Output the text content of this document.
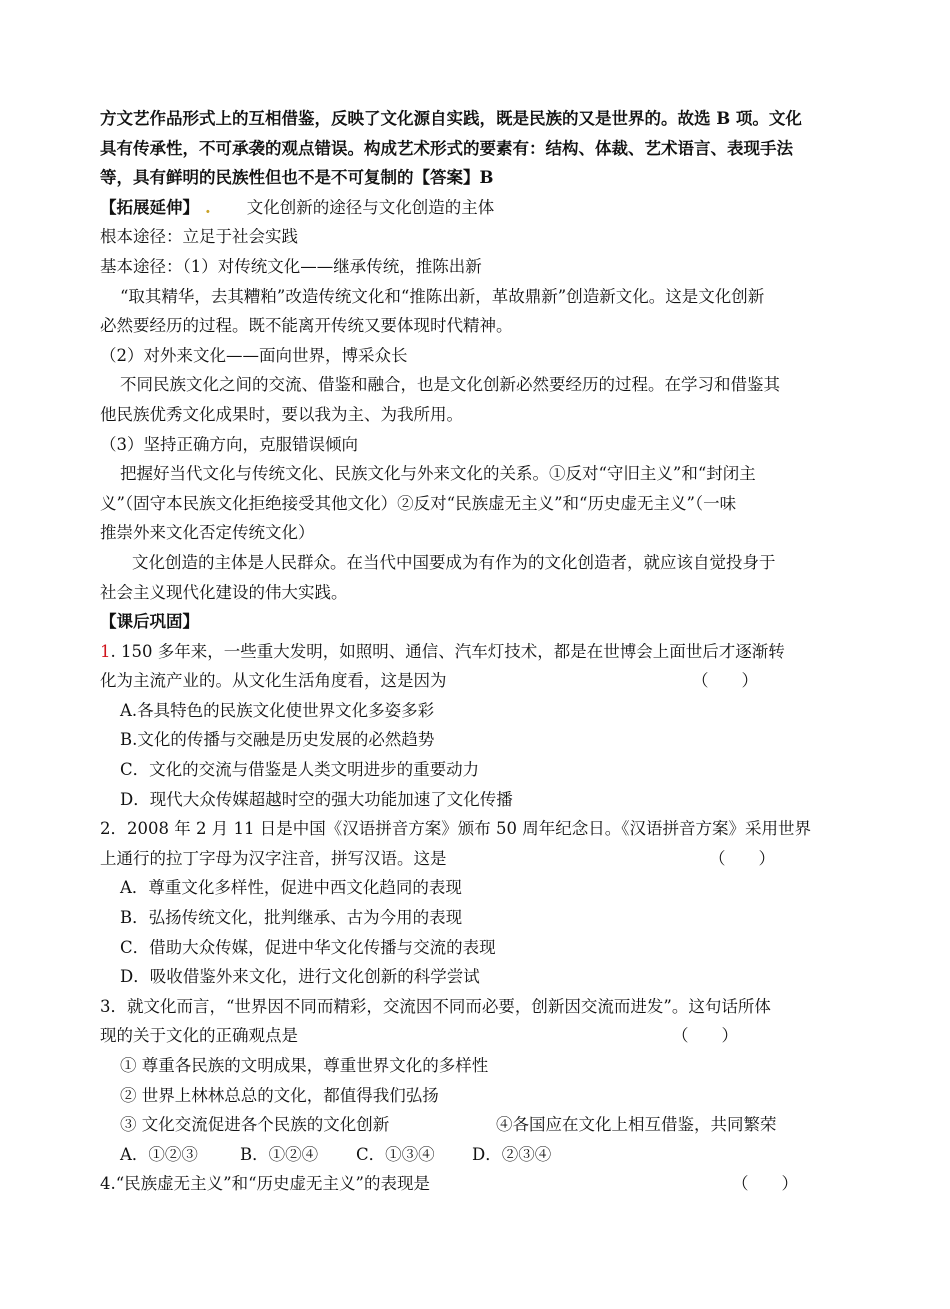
方文艺作品形式上的互相借鉴，反映了文化源自实践，既是民族的又是世界的。故选 B 项。文化
具有传承性，不可承袭的观点错误。构成艺术形式的要素有：结构、体裁、艺术语言、表现手法
等，具有鲜明的民族性但也不是不可复制的【答案】B
【拓展延伸】 . 文化创新的途径与文化创造的主体
根本途径：立足于社会实践
基本途径：（1）对传统文化——继承传统，推陈出新
“取其精华，去其糟粕”改造传统文化和“推陈出新，革故鼎新”创造新文化。这是文化创新
必然要经历的过程。既不能离开传统又要体现时代精神。
（2）对外来文化——面向世界，博采众长
不同民族文化之间的交流、借鉴和融合，也是文化创新必然要经历的过程。在学习和借鉴其
他民族优秀文化成果时，要以我为主、为我所用。
（3）坚持正确方向，克服错误倾向
把握好当代文化与传统文化、民族文化与外来文化的关系。①反对“守旧主义”和“封闭主
义”（固守本民族文化拒绝接受其他文化）②反对“民族虚无主义”和“历史虚无主义”（一味
推崇外来文化否定传统文化）
文化创造的主体是人民群众。在当代中国要成为有作为的文化创造者，就应该自觉投身于
社会主义现代化建设的伟大实践。
【课后巩固】
1. 150 多年来，一些重大发明，如照明、通信、汽车灯技术，都是在世博会上面世后才逐渐转
化为主流产业的。从文化生活角度看，这是因为	（　　）
A.各具特色的民族文化使世界文化多姿多彩
B.文化的传播与交融是历史发展的必然趋势
C．文化的交流与借鉴是人类文明进步的重要动力
D．现代大众传媒超越时空的强大功能加速了文化传播
2．2008 年 2 月 11 日是中国《汉语拼音方案》颁布 50 周年纪念日。《汉语拼音方案》采用世界
上通行的拉丁字母为汉字注音，拼写汉语。这是	（　　）
A．尊重文化多样性，促进中西文化趋同的表现
B．弘扬传统文化，批判继承、古为今用的表现
C．借助大众传媒，促进中华文化传播与交流的表现
D．吸收借鉴外来文化，进行文化创新的科学尝试
3．就文化而言，“世界因不同而精彩，交流因不同而必要，创新因交流而进发”。这句话所体
现的关于文化的正确观点是	（　　）
① 尊重各民族的文明成果，尊重世界文化的多样性
② 世界上林林总总的文化，都值得我们弘扬
③ 文化交流促进各个民族的文化创新	④各国应在文化上相互借鉴，共同繁荣
A．①②③	B．①②④ C．①③④ D．②③④
4.“民族虚无主义”和“历史虚无主义”的表现是	（　　）
